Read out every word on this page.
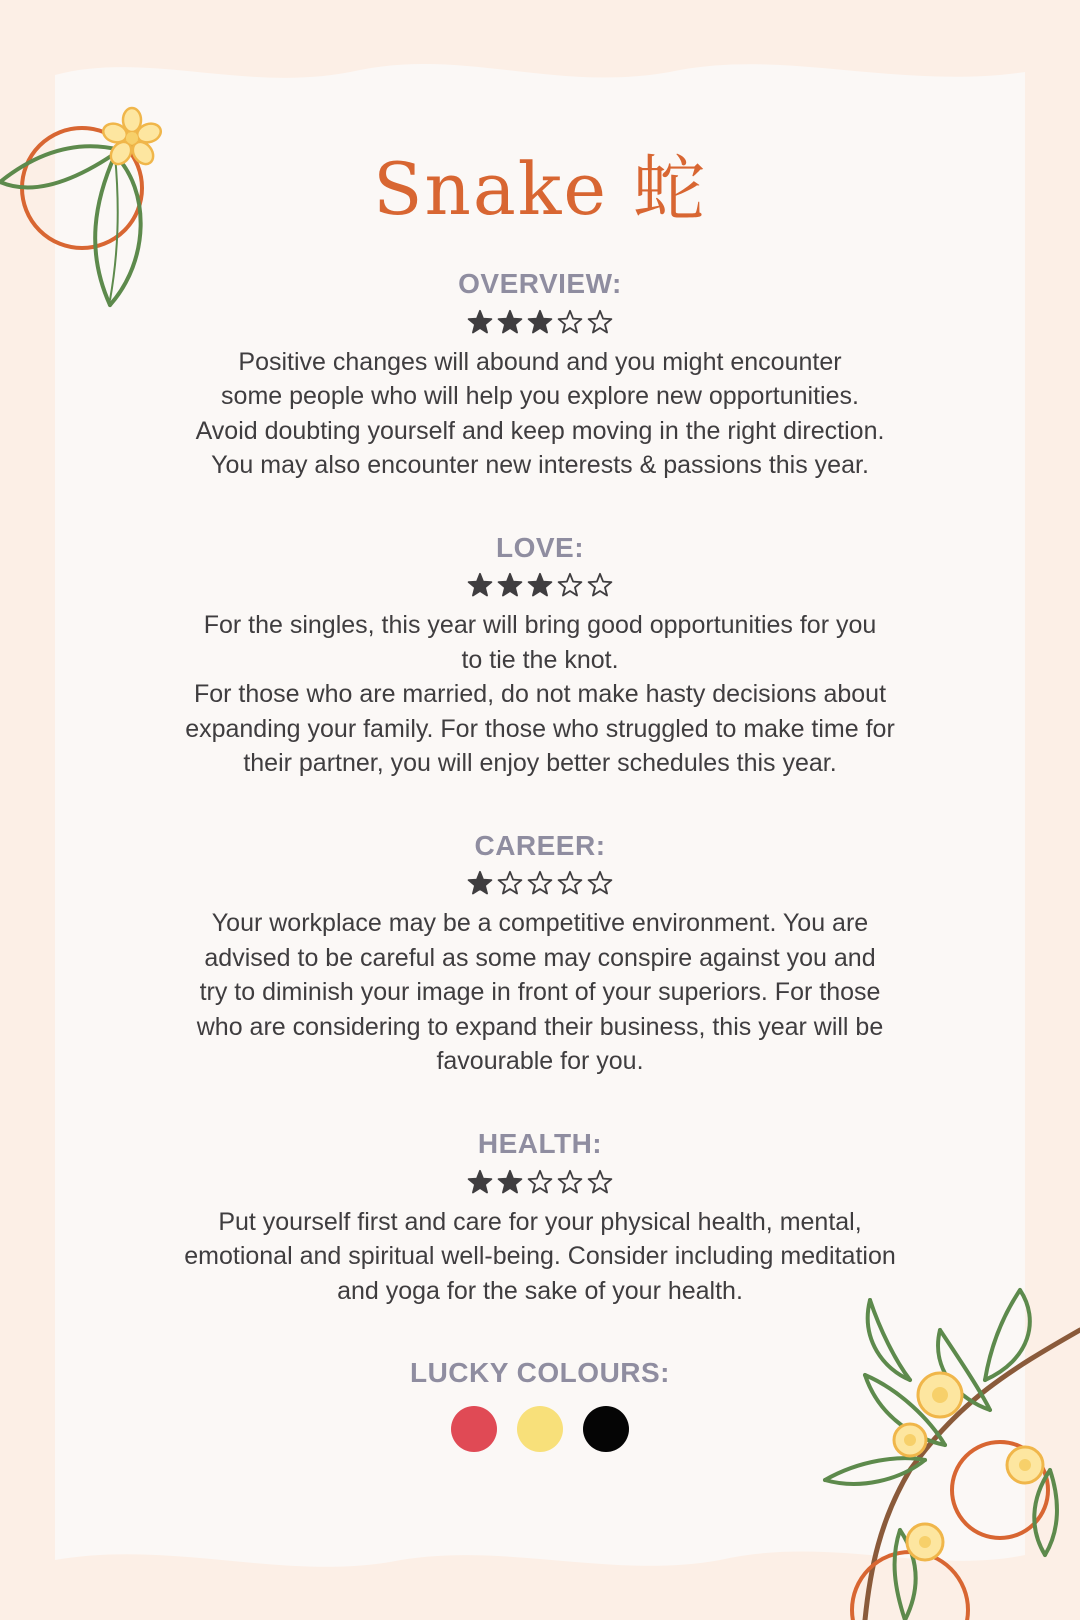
Snake 蛇
OVERVIEW:

Positive changes will abound and you might encounter
some people who will help you explore new opportunities.
Avoid doubting yourself and keep moving in the right direction.
You may also encounter new interests & passions this year.

LOVE:

For the singles, this year will bring good opportunities for you
to tie the knot.
For those who are married, do not make hasty decisions about
expanding your family. For those who struggled to make time for
their partner, you will enjoy better schedules this year.

CAREER:

Your workplace may be a competitive environment. You are
advised to be careful as some may conspire against you and
try to diminish your image in front of your superiors. For those
who are considering to expand their business, this year will be
favourable for you.

HEALTH:

Put yourself first and care for your physical health, mental,
emotional and spiritual well-being. Consider including meditation
and yoga for the sake of your health.

LUCKY COLOURS:
